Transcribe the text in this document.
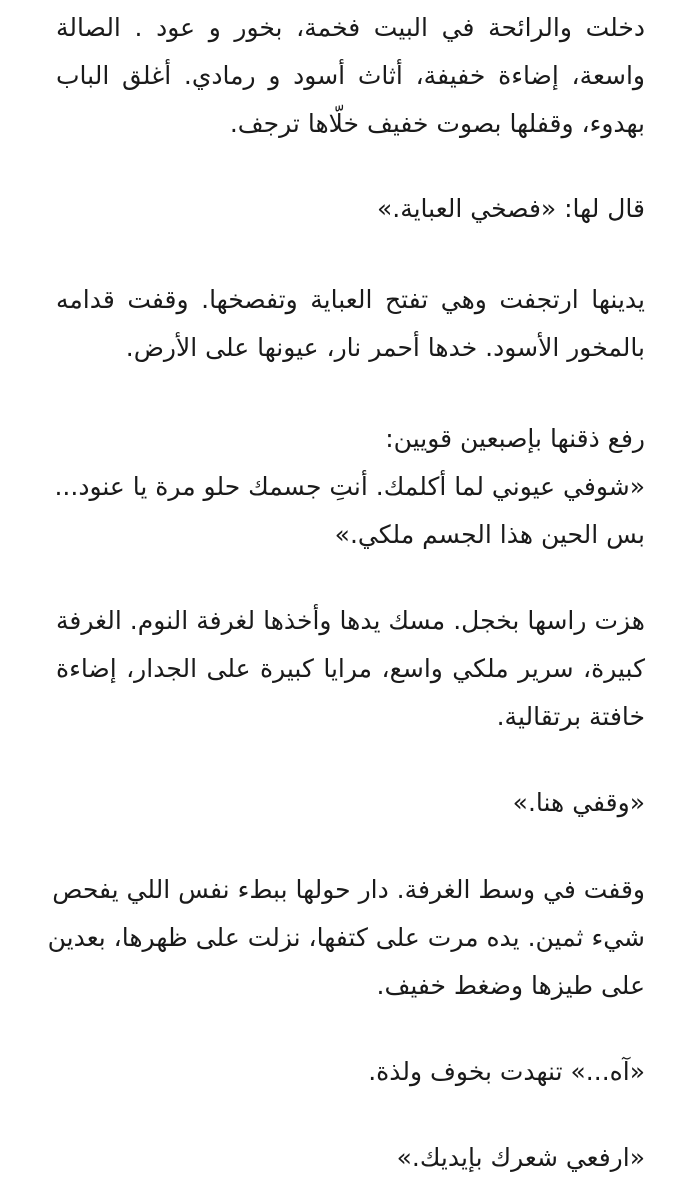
دخلت والرائحة في البيت فخمة، بخور و عود . الصالة
واسعة، إضاءة خفيفة، أثاث أسود و رمادي. أغلق الباب
بهدوء، وقفلها بصوت خفيف خلّاها ترجف.
قال لها: «فصخي العباية.»
يدينها ارتجفت وهي تفتح العباية وتفصخها. وقفت قدامه
بالمخور الأسود. خدها أحمر نار، عيونها على الأرض.
رفع ذقنها بإصبعين قويين:
«شوفي عيوني لما أكلمك. أنتِ جسمك حلو مرة يا عنود...
بس الحين هذا الجسم ملكي.»
هزت راسها بخجل. مسك يدها وأخذها لغرفة النوم. الغرفة
كبيرة، سرير ملكي واسع، مرايا كبيرة على الجدار، إضاءة
خافتة برتقالية.
«وقفي هنا.»
وقفت في وسط الغرفة. دار حولها ببطء نفس اللي يفحص
شيء ثمين. يده مرت على كتفها، نزلت على ظهرها، بعدين
على طيزها وضغط خفيف.
«آه...» تنهدت بخوف ولذة.
«ارفعي شعرك بإيديك.»
